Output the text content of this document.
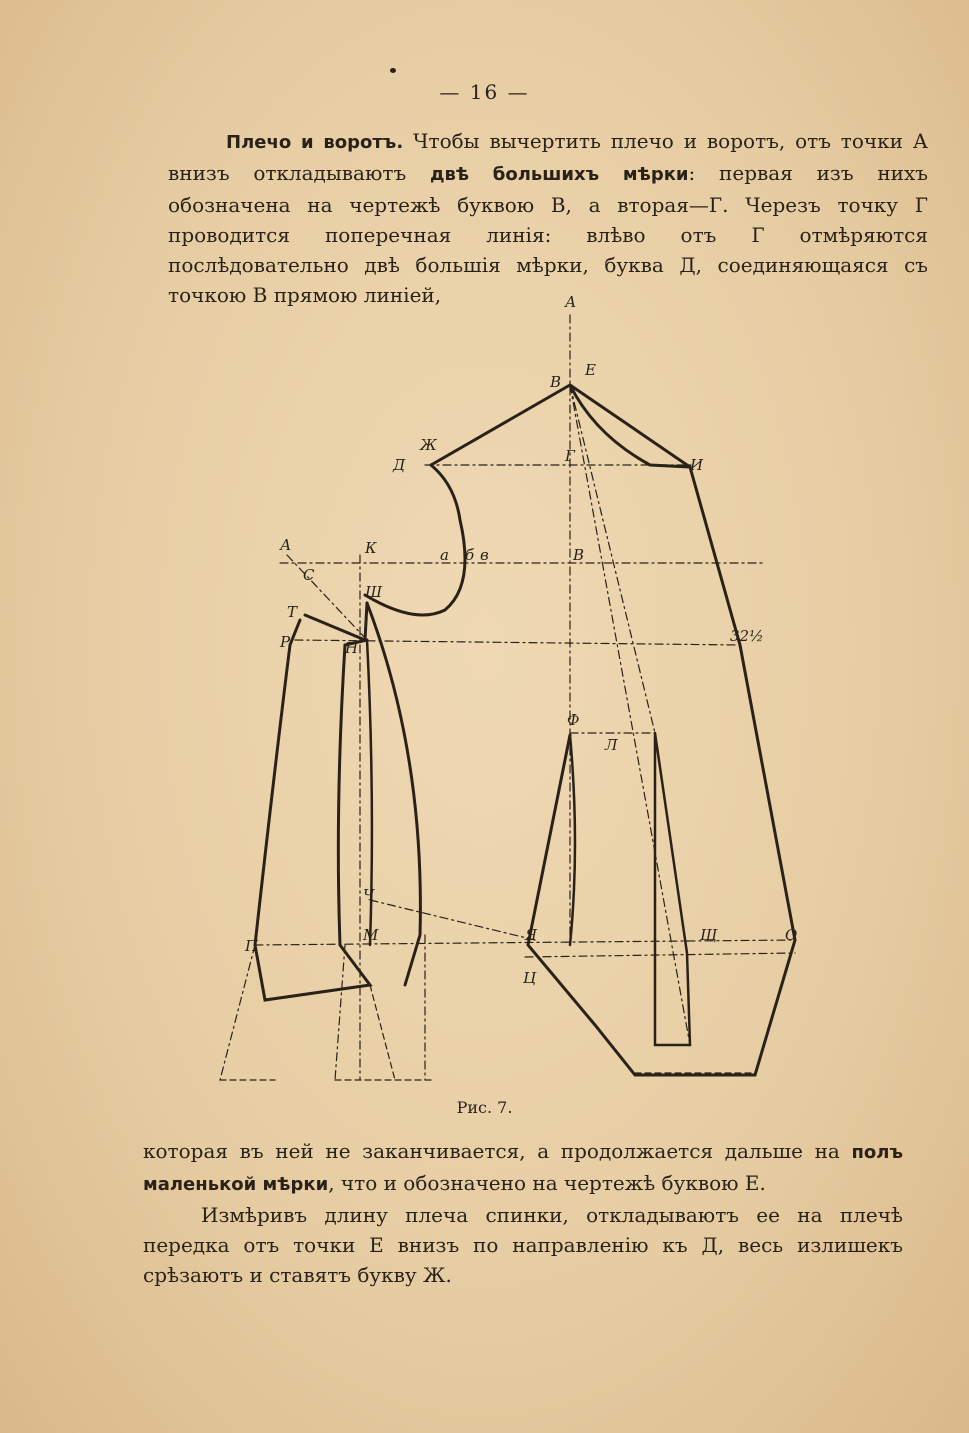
— 16 —

Плечо и воротъ. Чтобы вычертить плечо и воротъ, отъ точки А внизъ откладываютъ двѣ большихъ мѣрки: первая изъ нихъ обозначена на чертежѣ буквою В, а вторая—Г. Черезъ точку Г проводится поперечная линія: влѣво отъ Г отмѣряются послѣдовательно двѣ большія мѣрки, буква Д, соединяющаяся съ точкою В прямою линіей,	А
В
Е
Ж
Д	Г	И
А	К	а б в	В
С
Ш
Т
Р	Н
32½
Ф
Л
Ч
П
М	Я	Щ
Ц
О
Рис. 7.

которая въ ней не заканчивается, а продолжается дальше на полъ маленькой мѣрки, что и обозначено на чертежѣ буквою Е.

Измѣривъ длину плеча спинки, откладываютъ ее на плечѣ передка отъ точки Е внизъ по направленію къ Д, весь излишекъ срѣзаютъ и ставятъ букву Ж.
